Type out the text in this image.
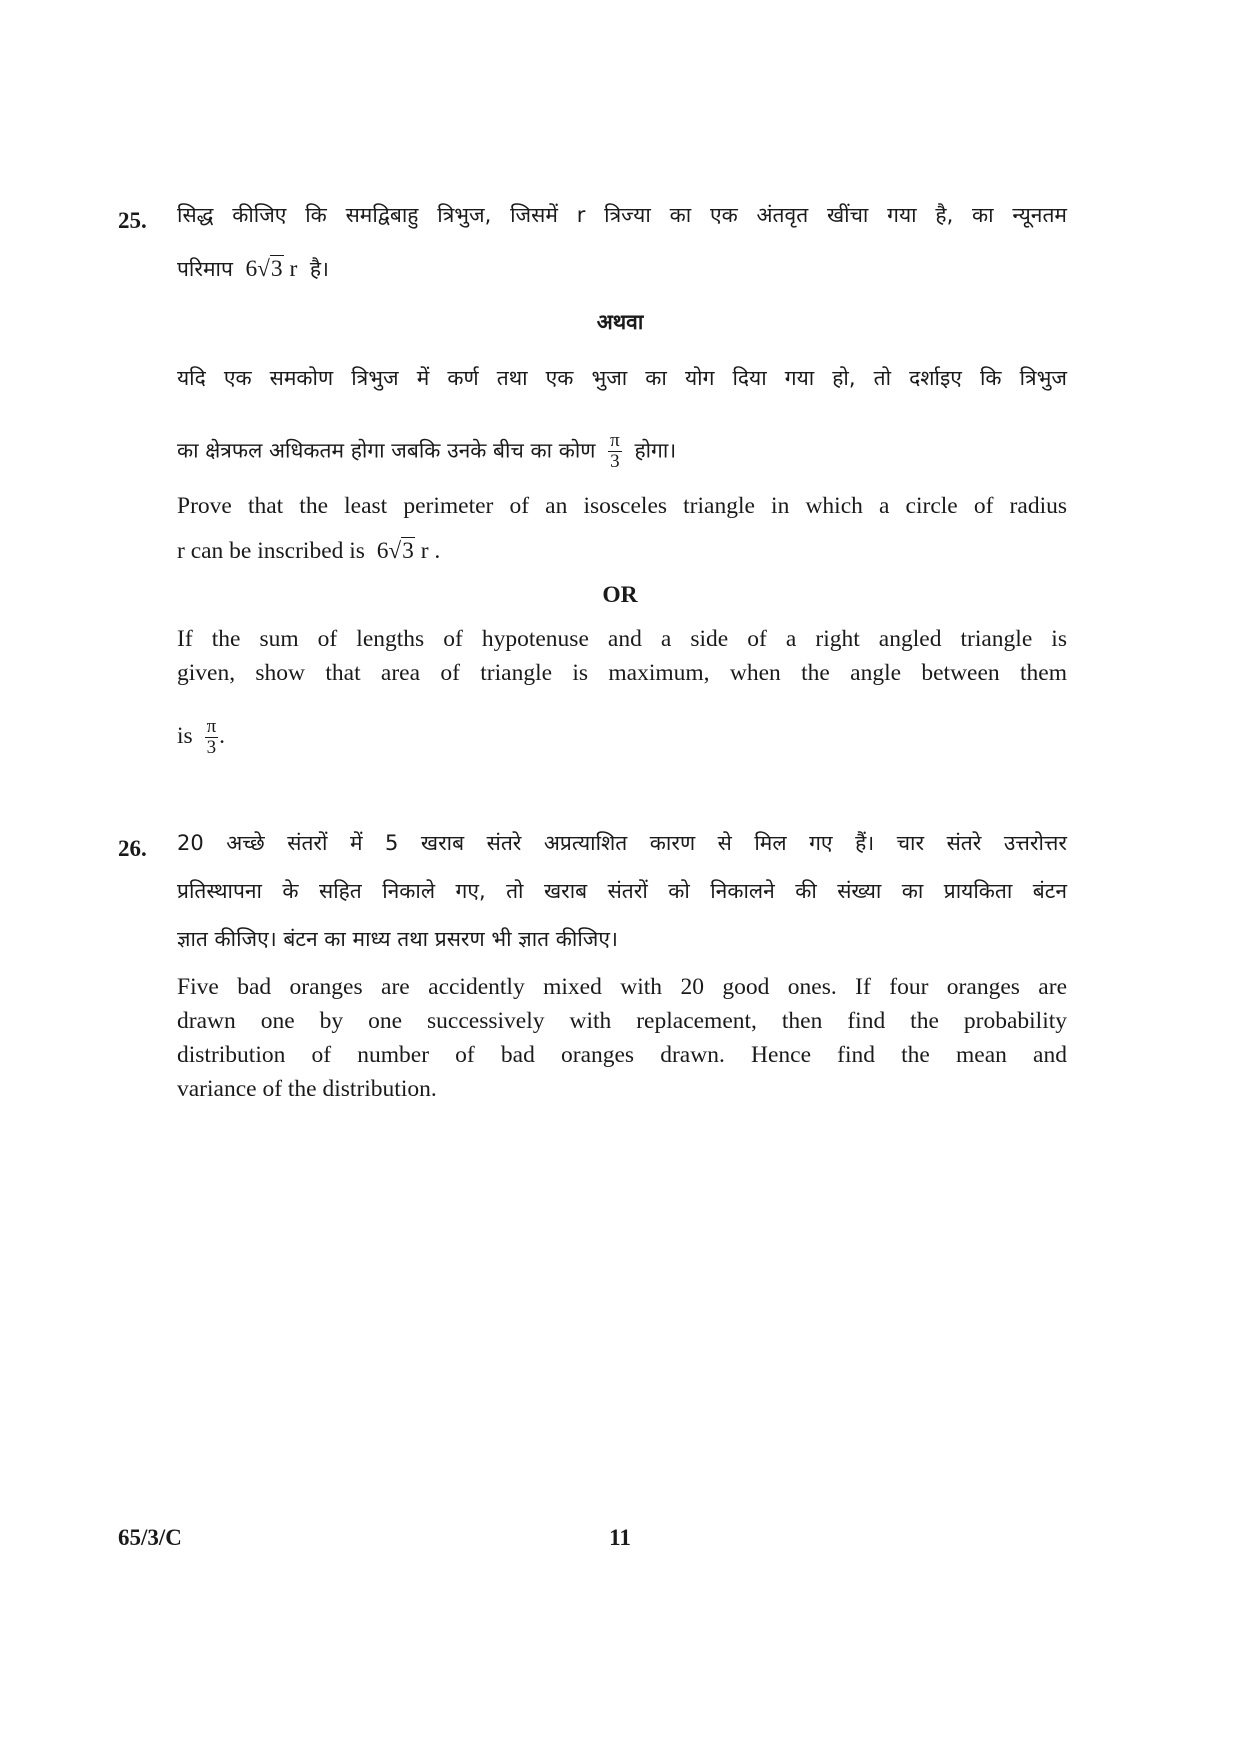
25. सिद्ध कीजिए कि समद्विबाहु त्रिभुज, जिसमें r त्रिज्या का एक अंतवृत खींचा गया है, का न्यूनतम
परिमाप 6√3 r है।
अथवा
यदि एक समकोण त्रिभुज में कर्ण तथा एक भुजा का योग दिया गया हो, तो दर्शाइए कि त्रिभुज
का क्षेत्रफल अधिकतम होगा जबकि उनके बीच का कोण $\frac{\pi}{3}$ होगा।
Prove that the least perimeter of an isosceles triangle in which a circle of radius
r can be inscribed is 6√3 r .
OR
If the sum of lengths of hypotenuse and a side of a right angled triangle is
given, show that area of triangle is maximum, when the angle between them
is $\frac{\pi}{3}$ .
26. 20 अच्छे संतरों में 5 खराब संतरे अप्रत्याशित कारण से मिल गए हैं। चार संतरे उत्तरोत्तर
प्रतिस्थापना के सहित निकाले गए, तो खराब संतरों को निकालने की संख्या का प्रायकिता बंटन
ज्ञात कीजिए। बंटन का माध्य तथा प्रसरण भी ज्ञात कीजिए।
Five bad oranges are accidently mixed with 20 good ones. If four oranges are
drawn one by one successively with replacement, then find the probability
distribution of number of bad oranges drawn. Hence find the mean and
variance of the distribution.
65/3/C	11
